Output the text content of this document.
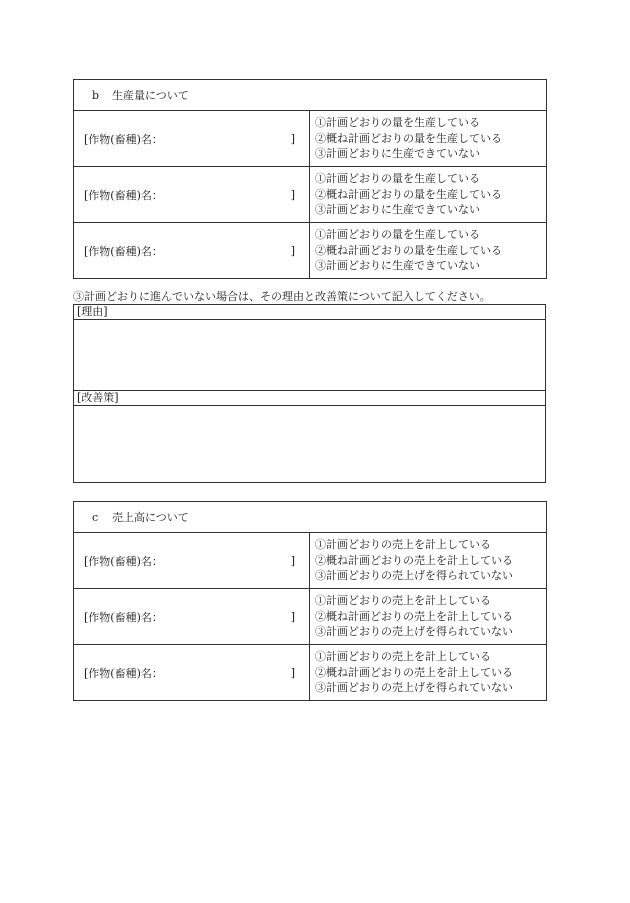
b 生産量について	
[作物(畜種)名： ]	①計画どおりの量を生産している
②概ね計画どおりの量を生産している
③計画どおりに生産できていない

[作物(畜種)名： ]	①計画どおりの量を生産している
②概ね計画どおりの量を生産している
③計画どおりに生産できていない

[作物(畜種)名： ]	①計画どおりの量を生産している
②概ね計画どおりの量を生産している
③計画どおりに生産できていない
③計画どおりに進んでいない場合は、その理由と改善策について記入してください。
[理由]

[改善策]

c 売上高について	
[作物(畜種)名： ]	①計画どおりの売上を計上している
②概ね計画どおりの売上を計上している
③計画どおりの売上げを得られていない

[作物(畜種)名： ]	①計画どおりの売上を計上している
②概ね計画どおりの売上を計上している
③計画どおりの売上げを得られていない

[作物(畜種)名： ]	①計画どおりの売上を計上している
②概ね計画どおりの売上を計上している
③計画どおりの売上げを得られていない
